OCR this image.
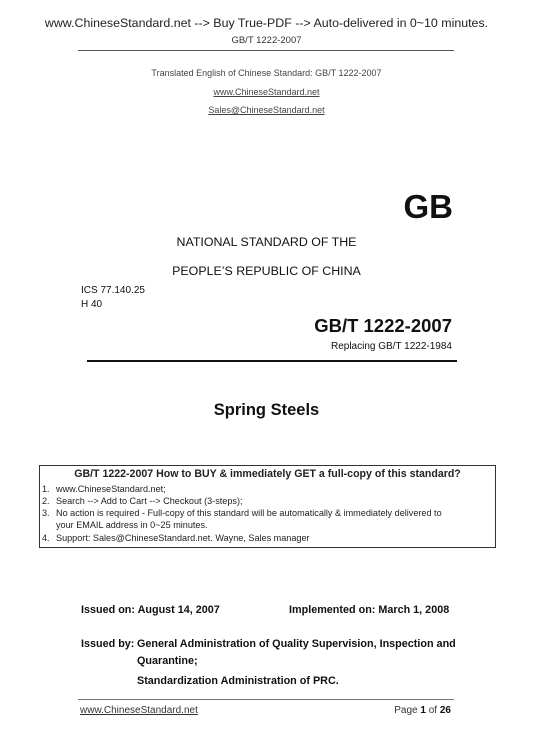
www.ChineseStandard.net --> Buy True-PDF --> Auto-delivered in 0~10 minutes.
GB/T 1222-2007
Translated English of Chinese Standard: GB/T 1222-2007
www.ChineseStandard.net
Sales@ChineseStandard.net
GB
NATIONAL STANDARD OF THE
PEOPLE’S REPUBLIC OF CHINA
ICS 77.140.25
H 40
GB/T 1222-2007
Replacing GB/T 1222-1984
Spring Steels
GB/T 1222-2007 How to BUY & immediately GET a full-copy of this standard?
1. www.ChineseStandard.net;
2. Search --> Add to Cart --> Checkout (3-steps);
3. No action is required - Full-copy of this standard will be automatically & immediately delivered to
your EMAIL address in 0~25 minutes.
4. Support: Sales@ChineseStandard.net. Wayne, Sales manager
Issued on: August 14, 2007	Implemented on: March 1, 2008
Issued by: General Administration of Quality Supervision, Inspection and
Quarantine;
Standardization Administration of PRC.
www.ChineseStandard.net	Page 1 of 26
